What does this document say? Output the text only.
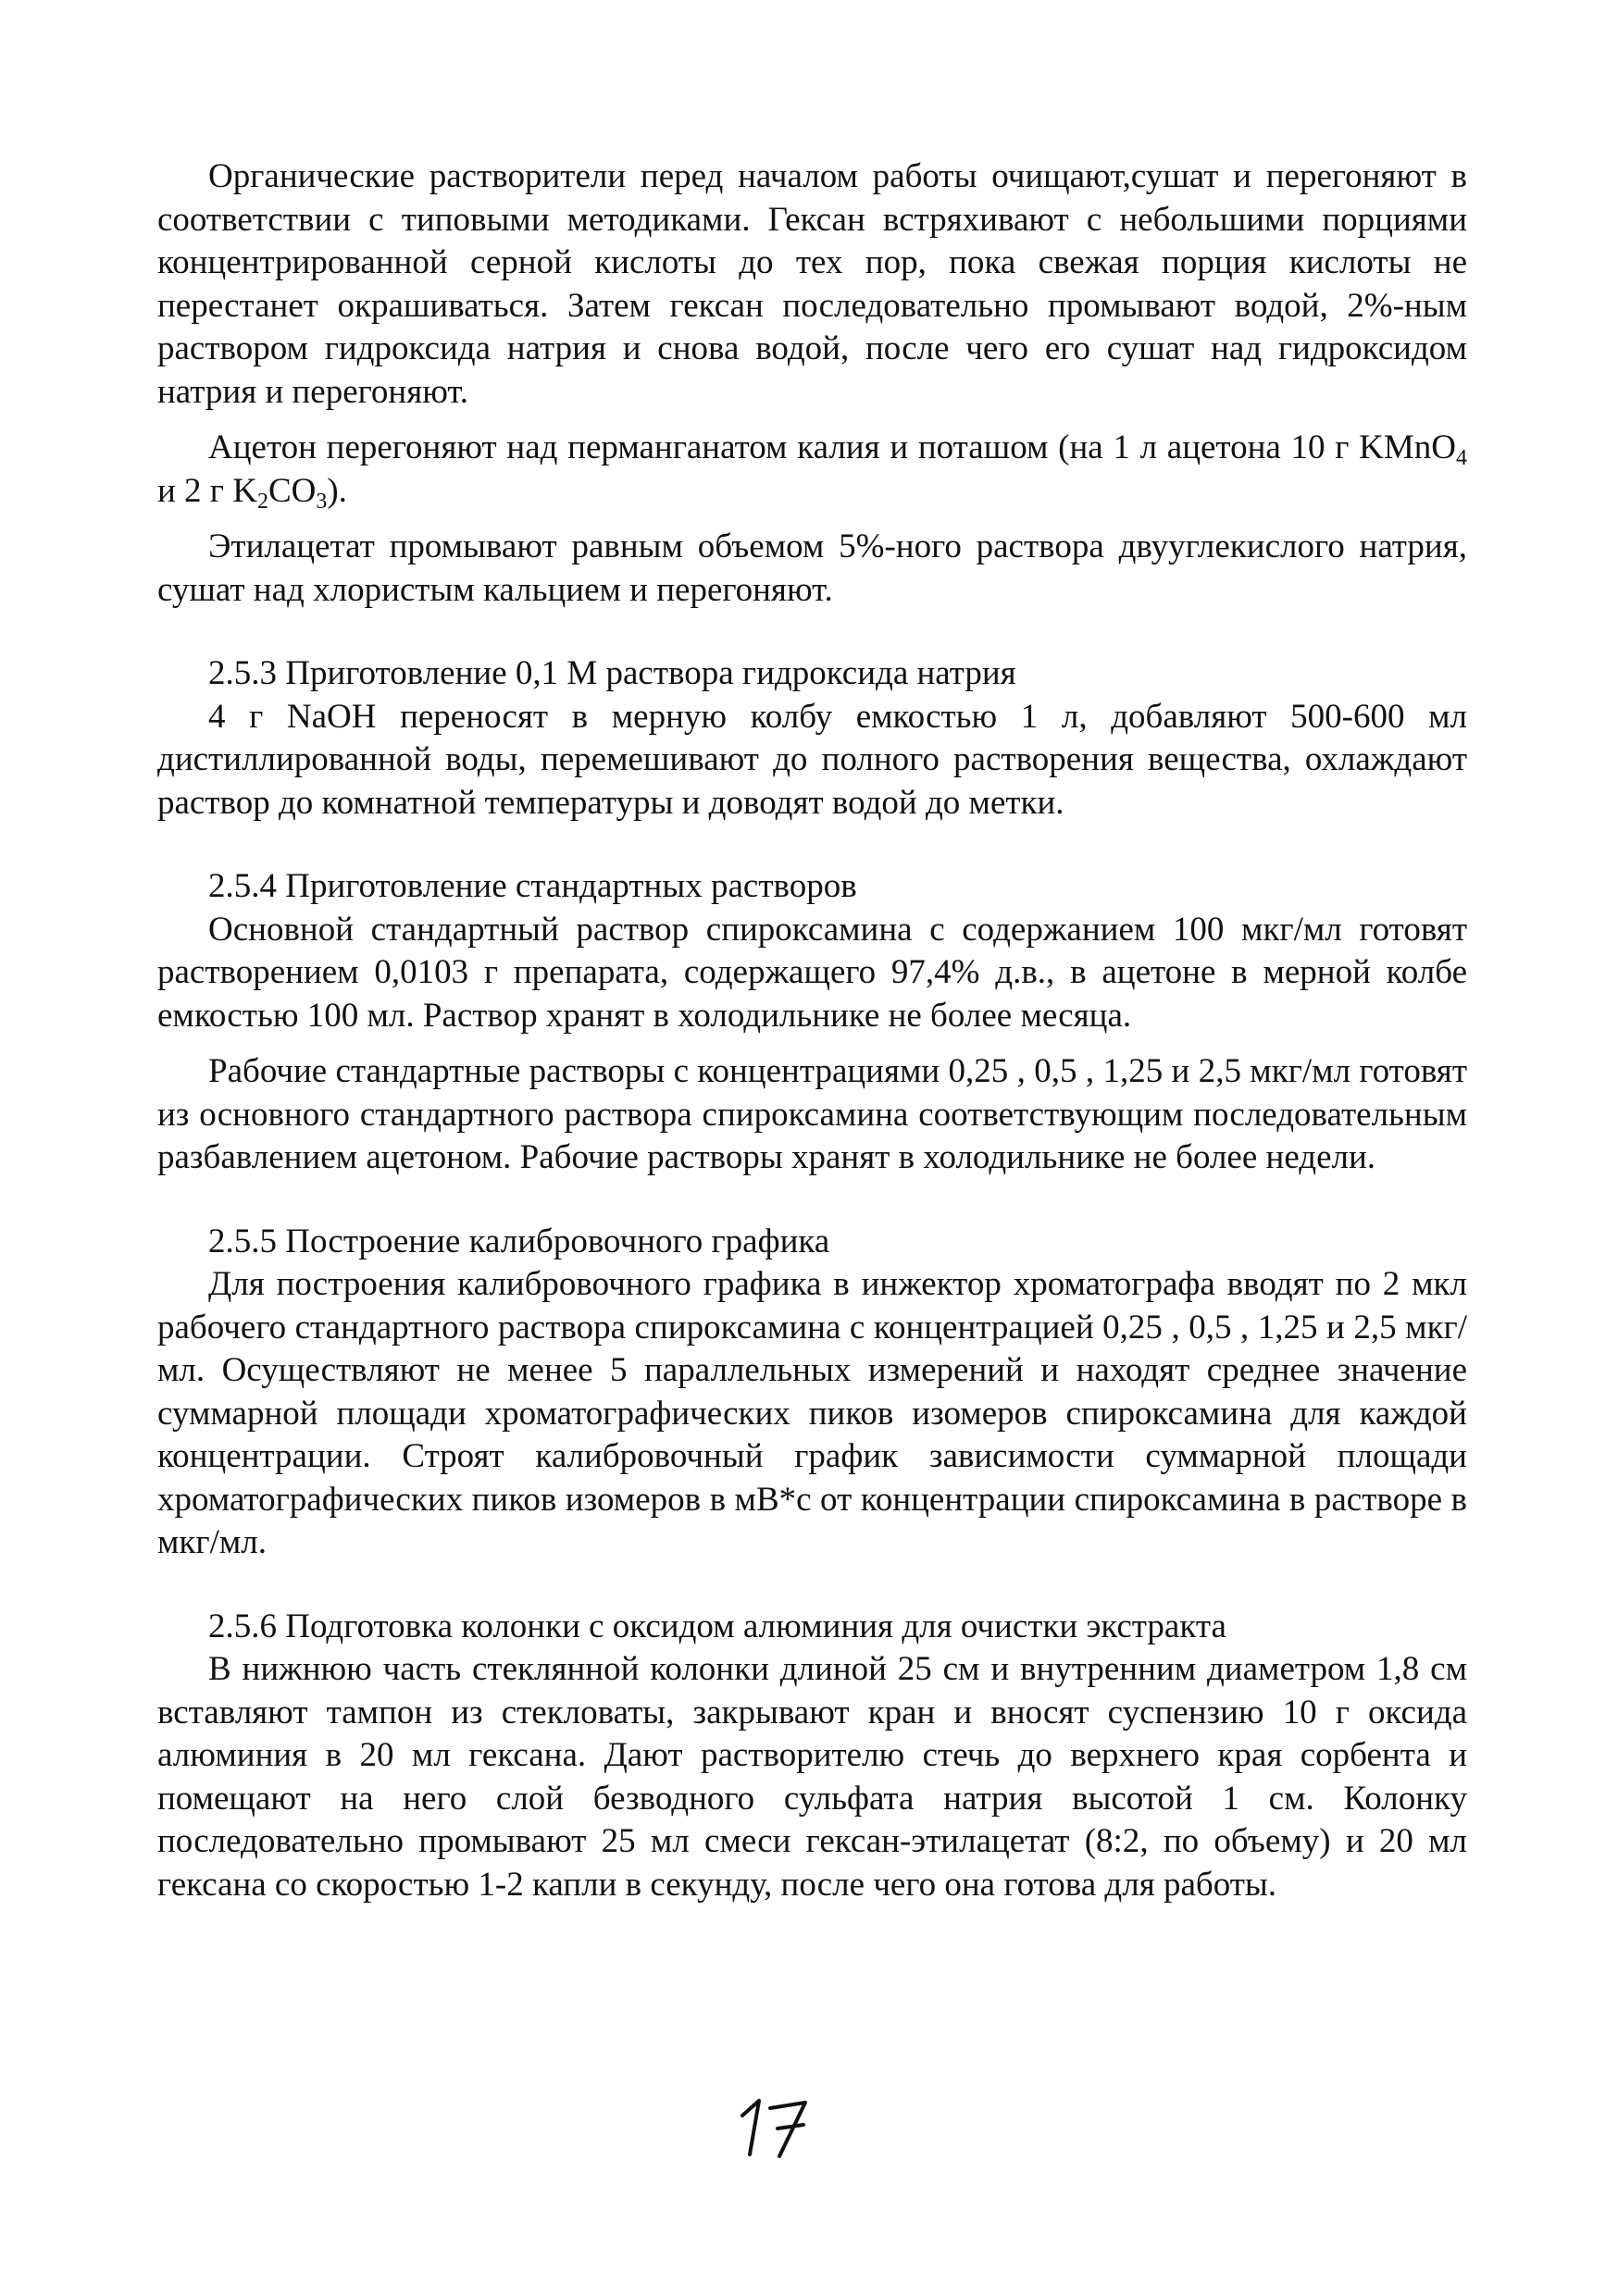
Органические растворители перед началом работы очищают,сушат и перегоняют в соответствии с типовыми методиками. Гексан встряхивают с небольшими порциями концентрированной серной кислоты до тех пор, пока свежая порция кислоты не перестанет окрашиваться. Затем гексан последовательно промывают водой, 2%-ным раствором гидроксида натрия и снова водой, после чего его сушат над гидроксидом натрия и перегоняют.

Ацетон перегоняют над перманганатом калия и поташом (на 1 л ацетона 10 г KMnO$_4$ и 2 г $K_2CO_3$).

Этилацетат промывают равным объемом 5%-ного раствора двууглекислого натрия, сушат над хлористым кальцием и перегоняют.

2.5.3 Приготовление 0,1 М раствора гидроксида натрия

4 г NaOH переносят в мерную колбу емкостью 1 л, добавляют 500-600 мл дистиллированной воды, перемешивают до полного растворения вещества, охлаждают раствор до комнатной температуры и доводят водой до метки.

2.5.4 Приготовление стандартных растворов

Основной стандартный раствор спироксамина с содержанием 100 мкг/мл готовят растворением 0,0103 г препарата, содержащего 97,4% д.в., в ацетоне в мерной колбе емкостью 100 мл. Раствор хранят в холодильнике не более месяца.

Рабочие стандартные растворы с концентрациями 0,25 , 0,5 , 1,25 и 2,5 мкг/мл готовят из основного стандартного раствора спироксамина соответствующим последовательным разбавлением ацетоном. Рабочие растворы хранят в холодильнике не более недели.

2.5.5 Построение калибровочного графика

Для построения калибровочного графика в инжектор хроматографа вводят по 2 мкл рабочего стандартного раствора спироксамина с концентрацией 0,25 , 0,5 , 1,25 и 2,5 мкг/мл. Осуществляют не менее 5 параллельных измерений и находят среднее значение суммарной площади хроматографических пиков изомеров спироксамина для каждой концентрации. Строят калибровочный график зависимости суммарной площади хроматографических пиков изомеров в мВ*с от концентрации спироксамина в растворе в мкг/мл.

2.5.6 Подготовка колонки с оксидом алюминия для очистки экстракта

В нижнюю часть стеклянной колонки длиной 25 см и внутренним диаметром 1,8 см вставляют тампон из стекловаты, закрывают кран и вносят суспензию 10 г оксида алюминия в 20 мл гексана. Дают растворителю стечь до верхнего края сорбента и помещают на него слой безводного сульфата натрия высотой 1 см. Колонку последовательно промывают 25 мл смеси гексан-этилацетат (8:2, по объему) и 20 мл гексана со скоростью 1-2 капли в секунду, после чего она готова для работы.
